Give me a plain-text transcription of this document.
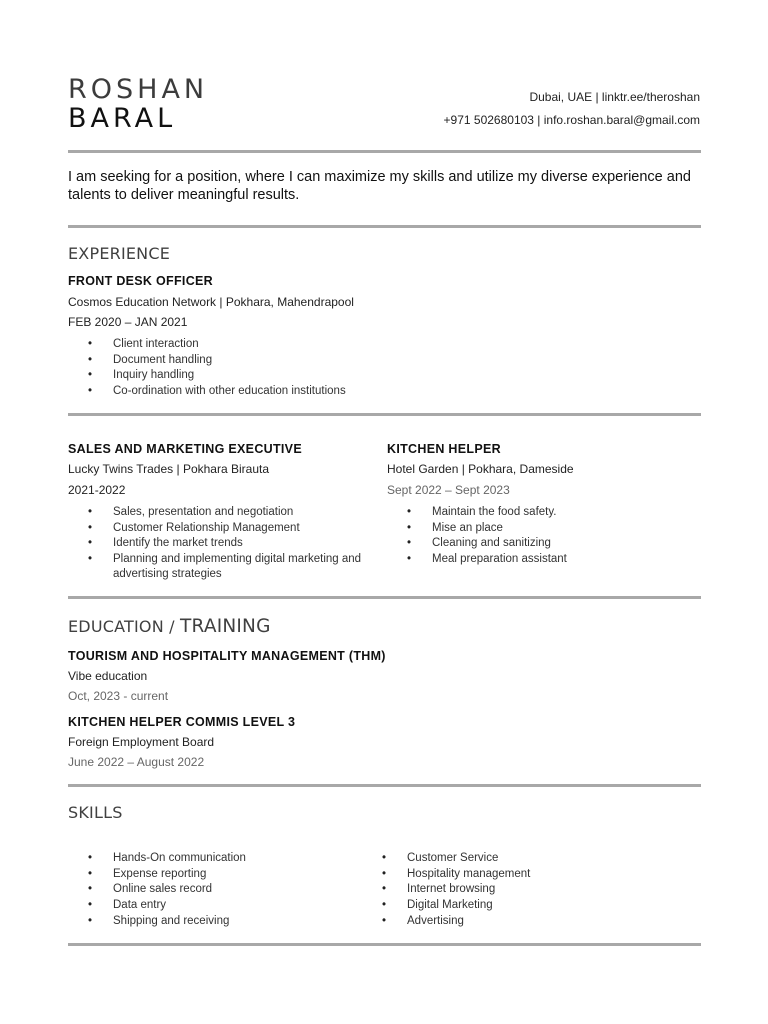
ROSHAN
BARAL
Dubai, UAE | linktr.ee/theroshan
+971 502680103 | info.roshan.baral@gmail.com
I am seeking for a position, where I can maximize my skills and utilize my diverse experience and talents to deliver meaningful results.
EXPERIENCE
FRONT DESK OFFICER
Cosmos Education Network | Pokhara, Mahendrapool
FEB 2020 – JAN 2021
• Client interaction
• Document handling
• Inquiry handling
• Co-ordination with other education institutions
SALES AND MARKETING EXECUTIVE
Lucky Twins Trades | Pokhara Birauta
2021-2022
• Sales, presentation and negotiation
• Customer Relationship Management
• Identify the market trends
• Planning and implementing digital marketing and
advertising strategies
KITCHEN HELPER
Hotel Garden | Pokhara, Dameside
Sept 2022 – Sept 2023
• Maintain the food safety.
• Mise an place
• Cleaning and sanitizing
• Meal preparation assistant
EDUCATION / TRAINING
TOURISM AND HOSPITALITY MANAGEMENT (THM)
Vibe education
Oct, 2023 - current
KITCHEN HELPER COMMIS LEVEL 3
Foreign Employment Board
June 2022 – August 2022
SKILLS
• Hands-On communication
• Expense reporting
• Online sales record
• Data entry
• Shipping and receiving
• Customer Service
• Hospitality management
• Internet browsing
• Digital Marketing
• Advertising
